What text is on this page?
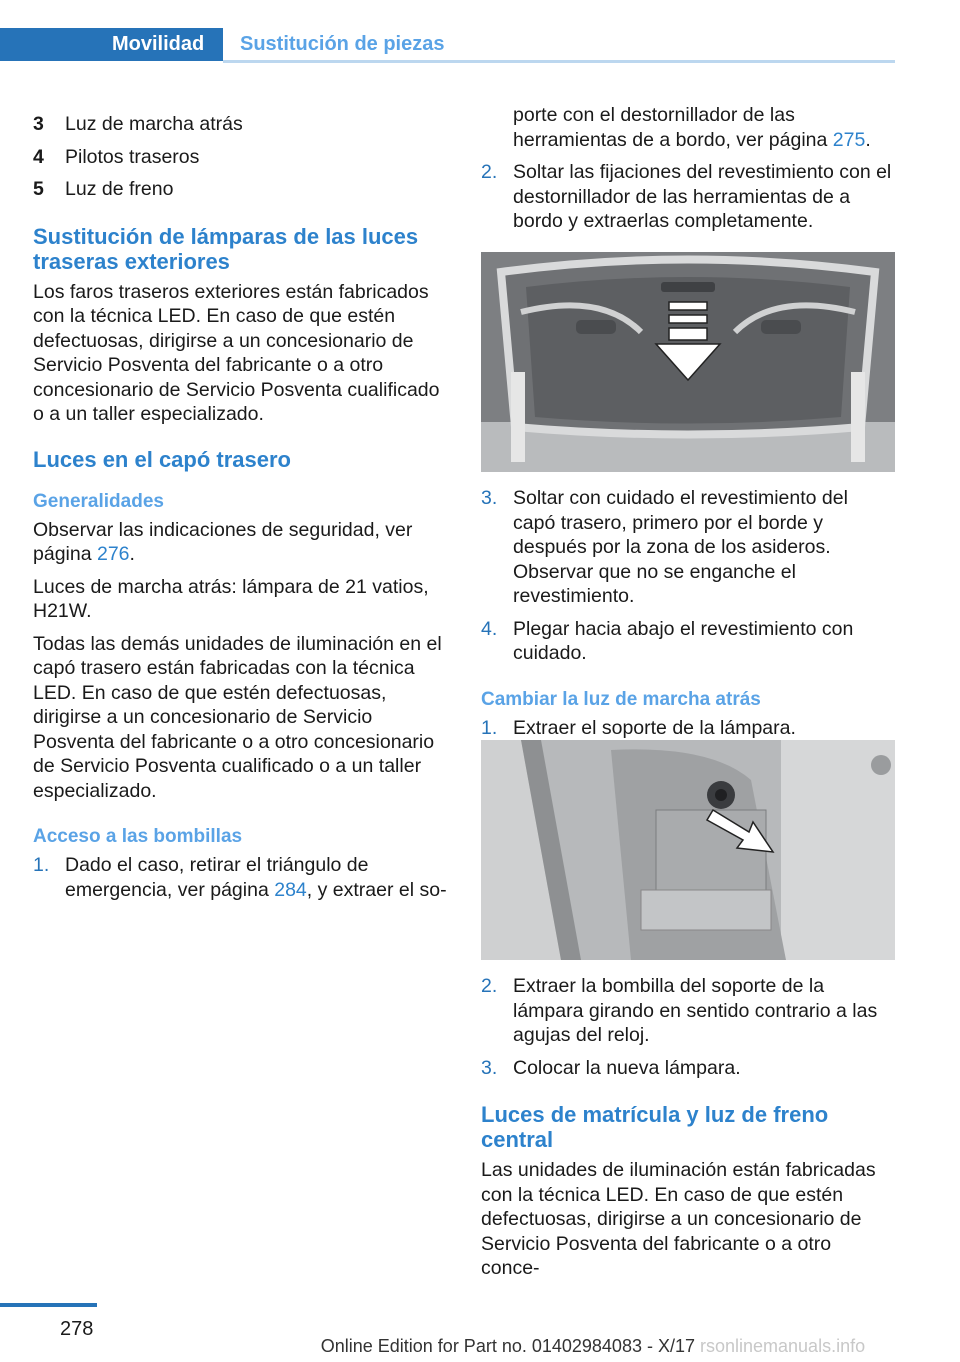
Movilidad Sustitución de piezas
3	Luz de marcha atrás
4	Pilotos traseros
5	Luz de freno
Sustitución de lámparas de las luces traseras exteriores

Los faros traseros exteriores están fabricados con la técnica LED. En caso de que estén defectuosas, dirigirse a un concesionario de Servicio Posventa del fabricante o a otro concesionario de Servicio Posventa cualificado o a un taller especializado.

Luces en el capó trasero
Generalidades

Observar las indicaciones de seguridad, ver página 276.

Luces de marcha atrás: lámpara de 21 vatios, H21W.

Todas las demás unidades de iluminación en el capó trasero están fabricadas con la técnica LED. En caso de que estén defectuosas, dirigirse a un concesionario de Servicio Posventa del fabricante o a otro concesionario de Servicio Posventa cualificado o a un taller especializado.

Acceso a las bombillas
1. Dado el caso, retirar el triángulo de emergencia, ver página 284, y extraer el so-
porte con el destornillador de las herramientas de a bordo, ver página 275.
2. Soltar las fijaciones del revestimiento con el destornillador de las herramientas de a bordo y extraerlas completamente.
3. Soltar con cuidado el revestimiento del capó trasero, primero por el borde y después por la zona de los asideros. Observar que no se enganche el revestimiento.
4. Plegar hacia abajo el revestimiento con cuidado.
Cambiar la luz de marcha atrás
1. Extraer el soporte de la lámpara.
2. Extraer la bombilla del soporte de la lámpara girando en sentido contrario a las agujas del reloj.
3. Colocar la nueva lámpara.
Luces de matrícula y luz de freno central

Las unidades de iluminación están fabricadas con la técnica LED. En caso de que estén defectuosas, dirigirse a un concesionario de Servicio Posventa del fabricante o a otro conce-

278
Online Edition for Part no. 01402984083 - X/17 rsonlinemanuals.info
